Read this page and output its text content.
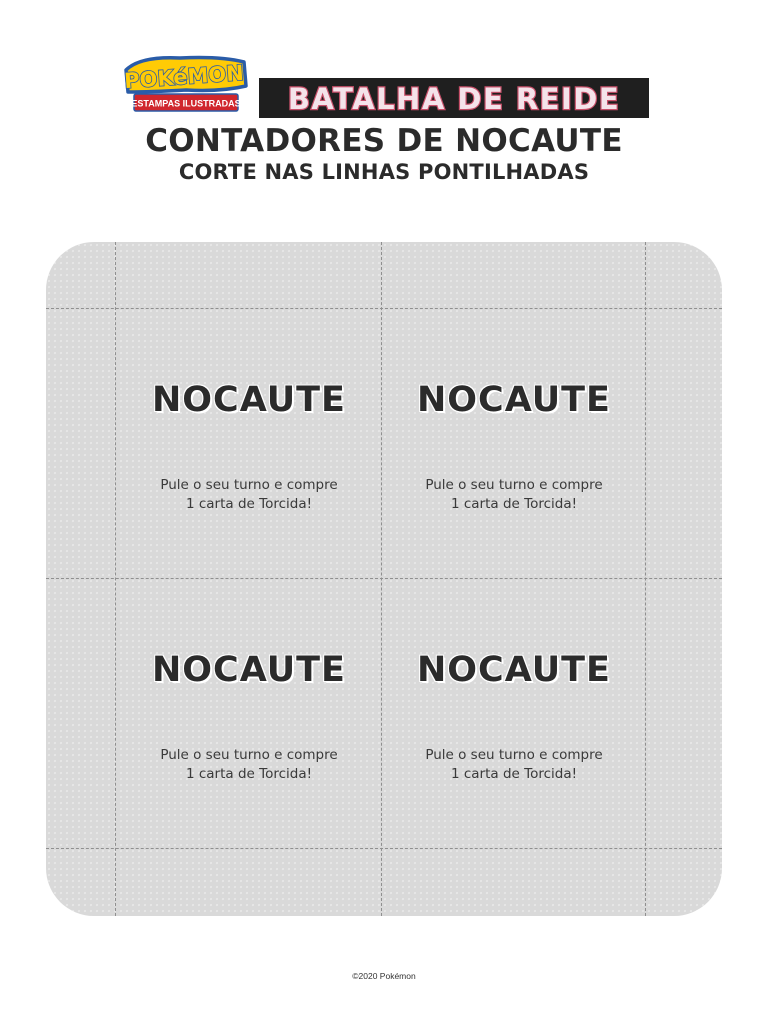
POKéMON
ESTAMPAS ILUSTRADAS BATALHA DE REIDE
CONTADORES DE NOCAUTE
CORTE NAS LINHAS PONTILHADAS
NOCAUTE
Pule o seu turno e compre
1 carta de Torcida!
NOCAUTE
Pule o seu turno e compre
1 carta de Torcida!
NOCAUTE
Pule o seu turno e compre
1 carta de Torcida!
NOCAUTE
Pule o seu turno e compre
1 carta de Torcida!
©2020 Pokémon
